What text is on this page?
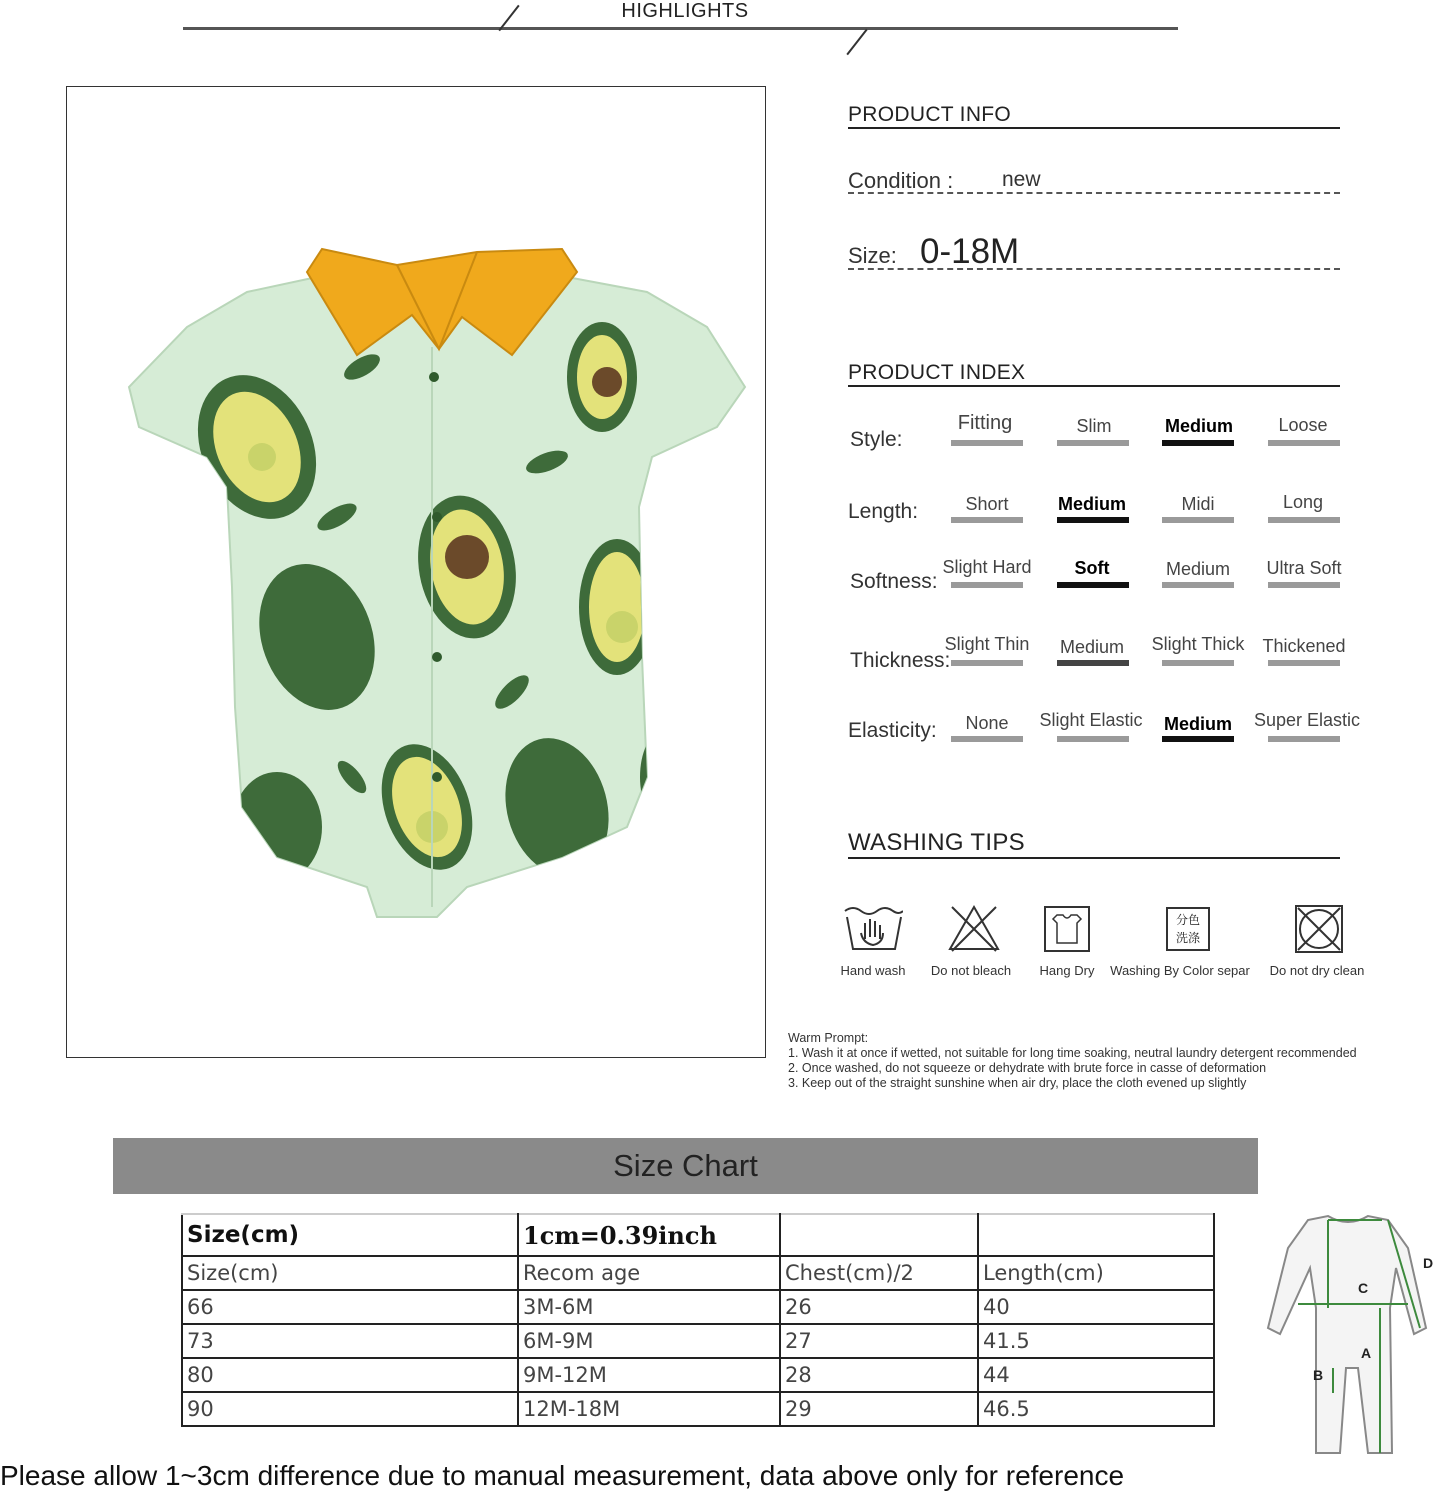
HIGHLIGHTS
PRODUCT INFO
Condition : new
Size: 0-18M
PRODUCT INDEX
Style:
Fitting	Slim	Medium	Loose
Length:	Short	Medium	Midi	Long
Softness:
Slight Hard	Soft	Medium	Ultra Soft
Thickness:
Slight Thin	Medium	Slight Thick	Thickened
Elasticity:	None	Slight Elastic	Medium	Super Elastic
WASHING TIPS
Hand wash	Do not bleach	Hang Dry
分色
洗涤
Washing By Color separ	Do not dry clean
Warm Prompt:
1. Wash it at once if wetted, not suitable for long time soaking, neutral laundry detergent recommended
2. Once washed, do not squeeze or dehydrate with brute force in casse of deformation
3. Keep out of the straight sunshine when air dry, place the cloth evened up slightly
Size Chart
Size(cm)	1cm=0.39inch		
Size(cm)	Recom age	Chest(cm)/2	Length(cm)
66	3M-6M	26	40
73	6M-9M	27	41.5
80	9M-12M	28	44
90	12M-18M	29	46.5
C
D
A
B
Please allow 1~3cm difference due to manual measurement, data above only for reference
